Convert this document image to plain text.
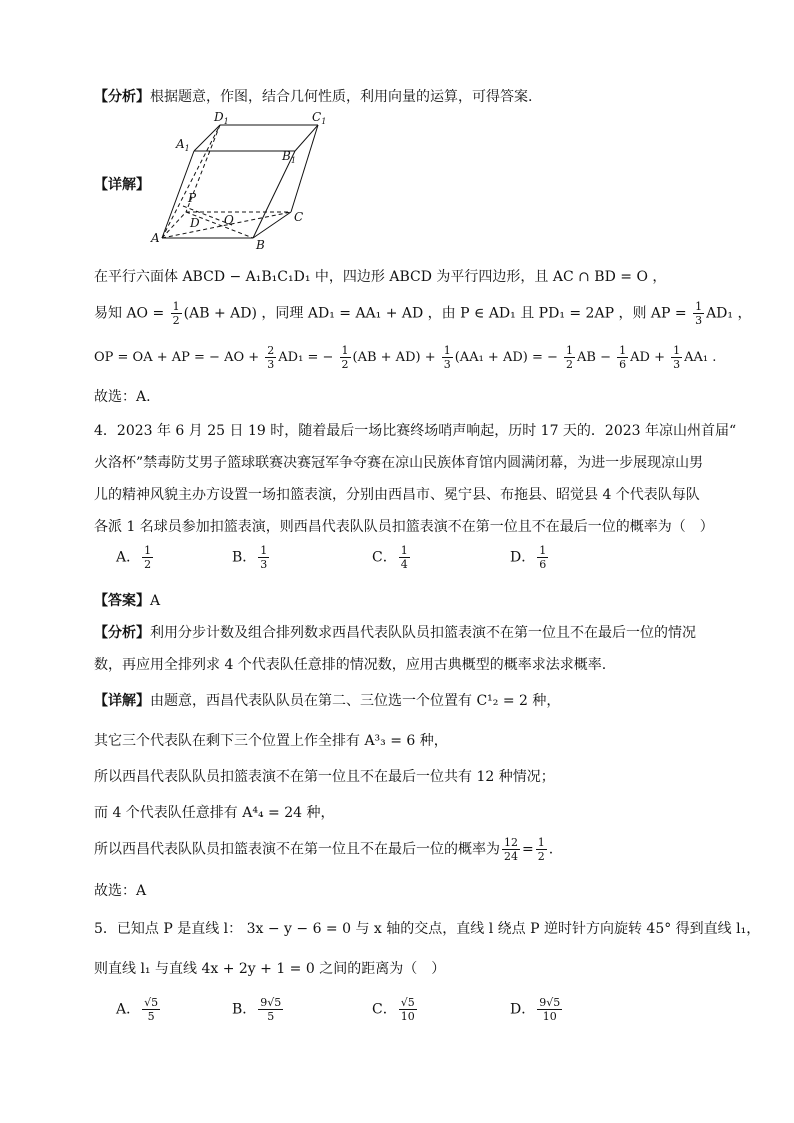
【分析】根据题意，作图，结合几何性质，利用向量的运算，可得答案.
【详解】
$D_1$	$C_1$
$A_1$
$B_1$
P
D O
A	B
C
在平行六面体 ABCD − A₁B₁C₁D₁ 中，四边形 ABCD 为平行四边形，且 AC ∩ BD = O ，
易知 AO = $\frac{1}{2} (AB + AD)$ ，同理 AD₁ = AA₁ + AD ，由 P ∈ AD₁ 且 PD₁ = 2AP ，则 AP = $\frac{1}{3} AD_1$ ，
OP = OA + AP = − AO + $\frac{2}{3} AD_1$ = − $\frac{1}{2} (AB + AD) + \frac{1}{3} (AA_1 + AD)$ = − $\frac{1}{2}$ AB − $\frac{1}{6}$ AD + $\frac{1}{3} AA_1$ .
故选：A.
4．2023 年 6 月 25 日 19 时，随着最后一场比赛终场哨声响起，历时 17 天的．2023 年凉山州首届“
火洛杯”禁毒防艾男子篮球联赛决赛冠军争夺赛在凉山民族体育馆内圆满闭幕，为进一步展现凉山男
儿的精神风貌主办方设置一场扣篮表演，分别由西昌市、冕宁县、布拖县、昭觉县 4 个代表队每队
各派 1 名球员参加扣篮表演，则西昌代表队队员扣篮表演不在第一位且不在最后一位的概率为（　）
A． $\frac{1}{2}$	B． $\frac{1}{3}$	C． $\frac{1}{4}$	D． $\frac{1}{6}$
【答案】A
【分析】利用分步计数及组合排列数求西昌代表队队员扣篮表演不在第一位且不在最后一位的情况
数，再应用全排列求 4 个代表队任意排的情况数，应用古典概型的概率求法求概率.
【详解】由题意，西昌代表队队员在第二、三位选一个位置有 C¹₂ = 2 种，
其它三个代表队在剩下三个位置上作全排有 A³₃ = 6 种，
所以西昌代表队队员扣篮表演不在第一位且不在最后一位共有 12 种情况；
而 4 个代表队任意排有 A⁴₄ = 24 种，
所以西昌代表队队员扣篮表演不在第一位且不在最后一位的概率为 $\frac{12}{24} = \frac{1}{2}$ .
故选：A
5．已知点 P 是直线 l： 3x − y − 6 = 0 与 x 轴的交点，直线 l 绕点 P 逆时针方向旋转 45° 得到直线 l₁，
则直线 l₁ 与直线 4x + 2y + 1 = 0 之间的距离为（　）
A． $\frac{√5}{5}$	B． $\frac{9√5}{5}$	C． $\frac{√5}{10}$	D． $\frac{9√5}{10}$
